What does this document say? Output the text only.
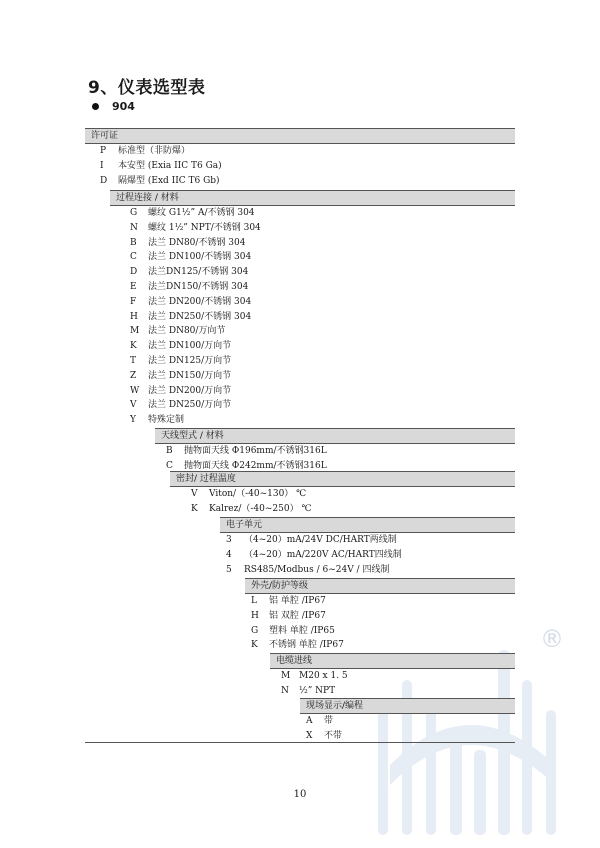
9、仪表选型表
904
®
许可证
P 标准型（非防爆）
I 本安型 (Exia IIC T6 Ga)
D 隔爆型 (Exd IIC T6 Gb)
过程连接 / 材料
G 螺纹 G1½” A/不锈钢 304
N 螺纹 1½” NPT/不锈钢 304
B 法兰 DN80/不锈钢 304
C 法兰 DN100/不锈钢 304
D 法兰DN125/不锈钢 304
E 法兰DN150/不锈钢 304
F 法兰 DN200/不锈钢 304
H 法兰 DN250/不锈钢 304
M 法兰 DN80/万向节
K 法兰 DN100/万向节
T 法兰 DN125/万向节
Z 法兰 DN150/万向节
W 法兰 DN200/万向节
V 法兰 DN250/万向节
Y 特殊定制
天线型式 / 材料
B 抛物面天线 Φ196mm/不锈钢316L
C 抛物面天线 Φ242mm/不锈钢316L
密封/ 过程温度
V Viton/（-40~130） ℃
K Kalrez/（-40~250） ℃
电子单元
3 （4~20）mA/24V DC/HART两线制
4 （4~20）mA/220V AC/HART四线制
5 RS485/Modbus / 6~24V / 四线制
外壳/防护等级
L 铝 单腔 /IP67
H 铝 双腔 /IP67
G 塑料 单腔 /IP65
K 不锈钢 单腔 /IP67
电缆进线
M M20 x 1. 5
N ½” NPT
现场显示/编程
A 带
X 不带
10
